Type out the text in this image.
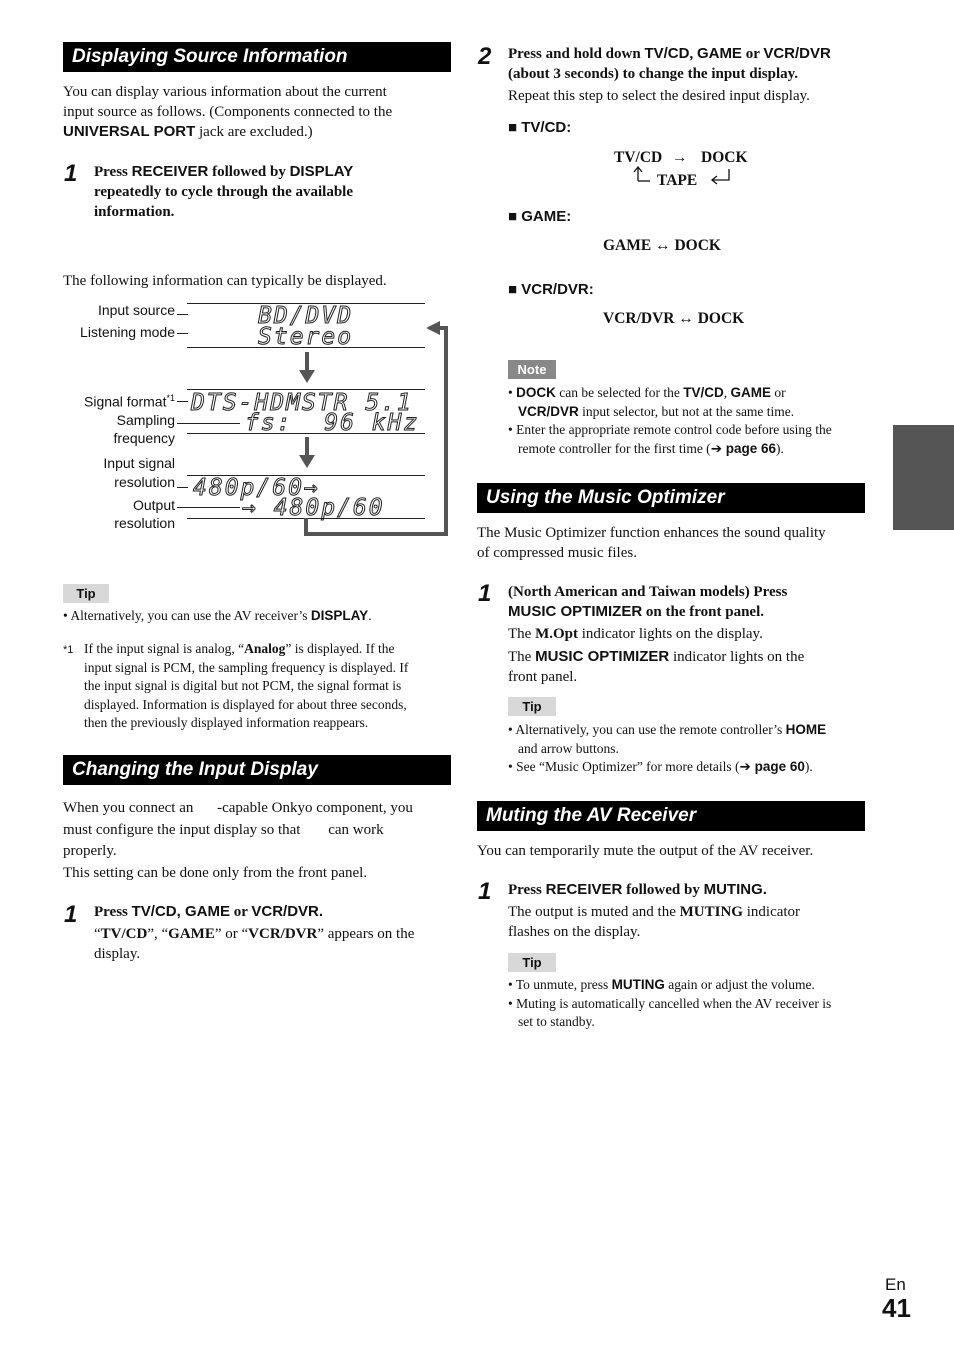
Displaying Source Information
You can display various information about the current
input source as follows. (Components connected to the
UNIVERSAL PORT jack are excluded.)
1 Press RECEIVER followed by DISPLAY
repeatedly to cycle through the available
information.
The following information can typically be displayed.
Input source
Listening mode
BD/DVD
Stereo
Signal format$^{*1}$
Sampling
frequency
DTS-HDMSTR 5.1
fs:  96 kHz
Input signal
resolution
Output
resolution
480p/60→
→ 480p/60
Tip
• Alternatively, you can use the AV receiver’s DISPLAY.
*1 If the input signal is analog, “Analog” is displayed. If the
input signal is PCM, the sampling frequency is displayed. If
the input signal is digital but not PCM, the signal format is
displayed. Information is displayed for about three seconds,
then the previously displayed information reappears.
Changing the Input Display
When you connect an -capable Onkyo component, you
must configure the input display so that can work
properly.
This setting can be done only from the front panel.
1 Press TV/CD, GAME or VCR/DVR.
“TV/CD”, “GAME” or “VCR/DVR” appears on the
display.
2 Press and hold down TV/CD, GAME or VCR/DVR
(about 3 seconds) to change the input display.
Repeat this step to select the desired input display.
■ TV/CD:
TV/CD → DOCK
TAPE
■ GAME:
GAME ↔ DOCK
■ VCR/DVR:
VCR/DVR ↔ DOCK
Note
• DOCK can be selected for the TV/CD, GAME or
VCR/DVR input selector, but not at the same time.
• Enter the appropriate remote control code before using the
remote controller for the first time (➔ page 66).
Using the Music Optimizer
The Music Optimizer function enhances the sound quality
of compressed music files.
1 (North American and Taiwan models) Press
MUSIC OPTIMIZER on the front panel.
The M.Opt indicator lights on the display.
The MUSIC OPTIMIZER indicator lights on the
front panel.
Tip
• Alternatively, you can use the remote controller’s HOME
and arrow buttons.
• See “Music Optimizer” for more details (➔ page 60).
Muting the AV Receiver
You can temporarily mute the output of the AV receiver.
1 Press RECEIVER followed by MUTING.
The output is muted and the MUTING indicator
flashes on the display.
Tip
• To unmute, press MUTING again or adjust the volume.
• Muting is automatically cancelled when the AV receiver is
set to standby.
En
41
